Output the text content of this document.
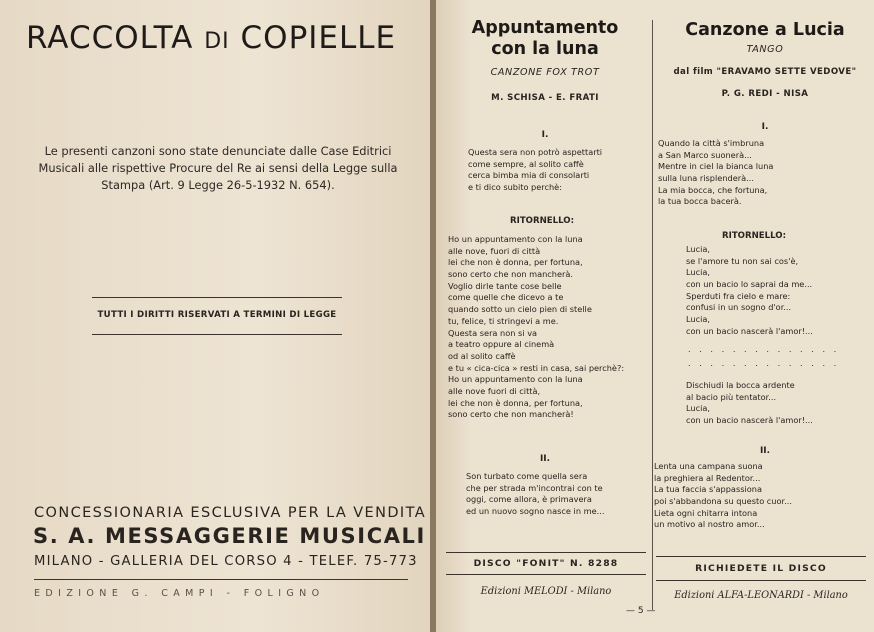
RACCOLTA DI COPIELLE
Le presenti canzoni sono state denunciate dalle Case Editrici
Musicali alle rispettive Procure del Re ai sensi della Legge sulla
Stampa (Art. 9 Legge 26-5-1932 N. 654).
TUTTI I DIRITTI RISERVATI A TERMINI DI LEGGE
CONCESSIONARIA ESCLUSIVA PER LA VENDITA
S. A. MESSAGGERIE MUSICALI
MILANO - GALLERIA DEL CORSO 4 - TELEF. 75-773
EDIZIONE G. CAMPI - FOLIGNO
Appuntamento
con la luna
CANZONE FOX TROT
M. SCHISA - E. FRATI
I.
Questa sera non potrò aspettarti
come sempre, al solito caffè
cerca bimba mia di consolarti
e ti dico subito perchè:
RITORNELLO:
Ho un appuntamento con la luna
alle nove, fuori di città
lei che non è donna, per fortuna,
sono certo che non mancherà.
Voglio dirle tante cose belle
come quelle che dicevo a te
quando sotto un cielo pien di stelle
tu, felice, ti stringevi a me.
Questa sera non si va
a teatro oppure al cinemà
od al solito caffè
e tu « cica-cica » resti in casa, sai perchè?:
Ho un appuntamento con la luna
alle nove fuori di città,
lei che non è donna, per fortuna,
sono certo che non mancherà!
II.
Son turbato come quella sera
che per strada m'incontrai con te
oggi, come allora, è primavera
ed un nuovo sogno nasce in me...
DISCO "FONIT" N. 8288
Edizioni MELODI - Milano
Canzone a Lucia
TANGO
dal film "ERAVAMO SETTE VEDOVE"
P. G. REDI - NISA
I.
Quando la città s'imbruna
a San Marco suonerà...
Mentre in ciel la bianca luna
sulla luna risplenderà...
La mia bocca, che fortuna,
la tua bocca bacerà.
RITORNELLO:
Lucia,
se l'amore tu non sai cos'è,
Lucia,
con un bacio lo saprai da me...
Sperduti fra cielo e mare:
confusi in un sogno d'or...
Lucia,
con un bacio nascerà l'amor!...
. . . . . . . . . . . . . .
. . . . . . . . . . . . . .
Dischiudi la bocca ardente
al bacio più tentator...
Lucia,
con un bacio nascerà l'amor!...
II.
Lenta una campana suona
la preghiera al Redentor...
La tua faccia s'appassiona
poi s'abbandona su questo cuor...
Lieta ogni chitarra intona
un motivo al nostro amor...
RICHIEDETE IL DISCO
Edizioni ALFA-LEONARDI - Milano
— 5 —
